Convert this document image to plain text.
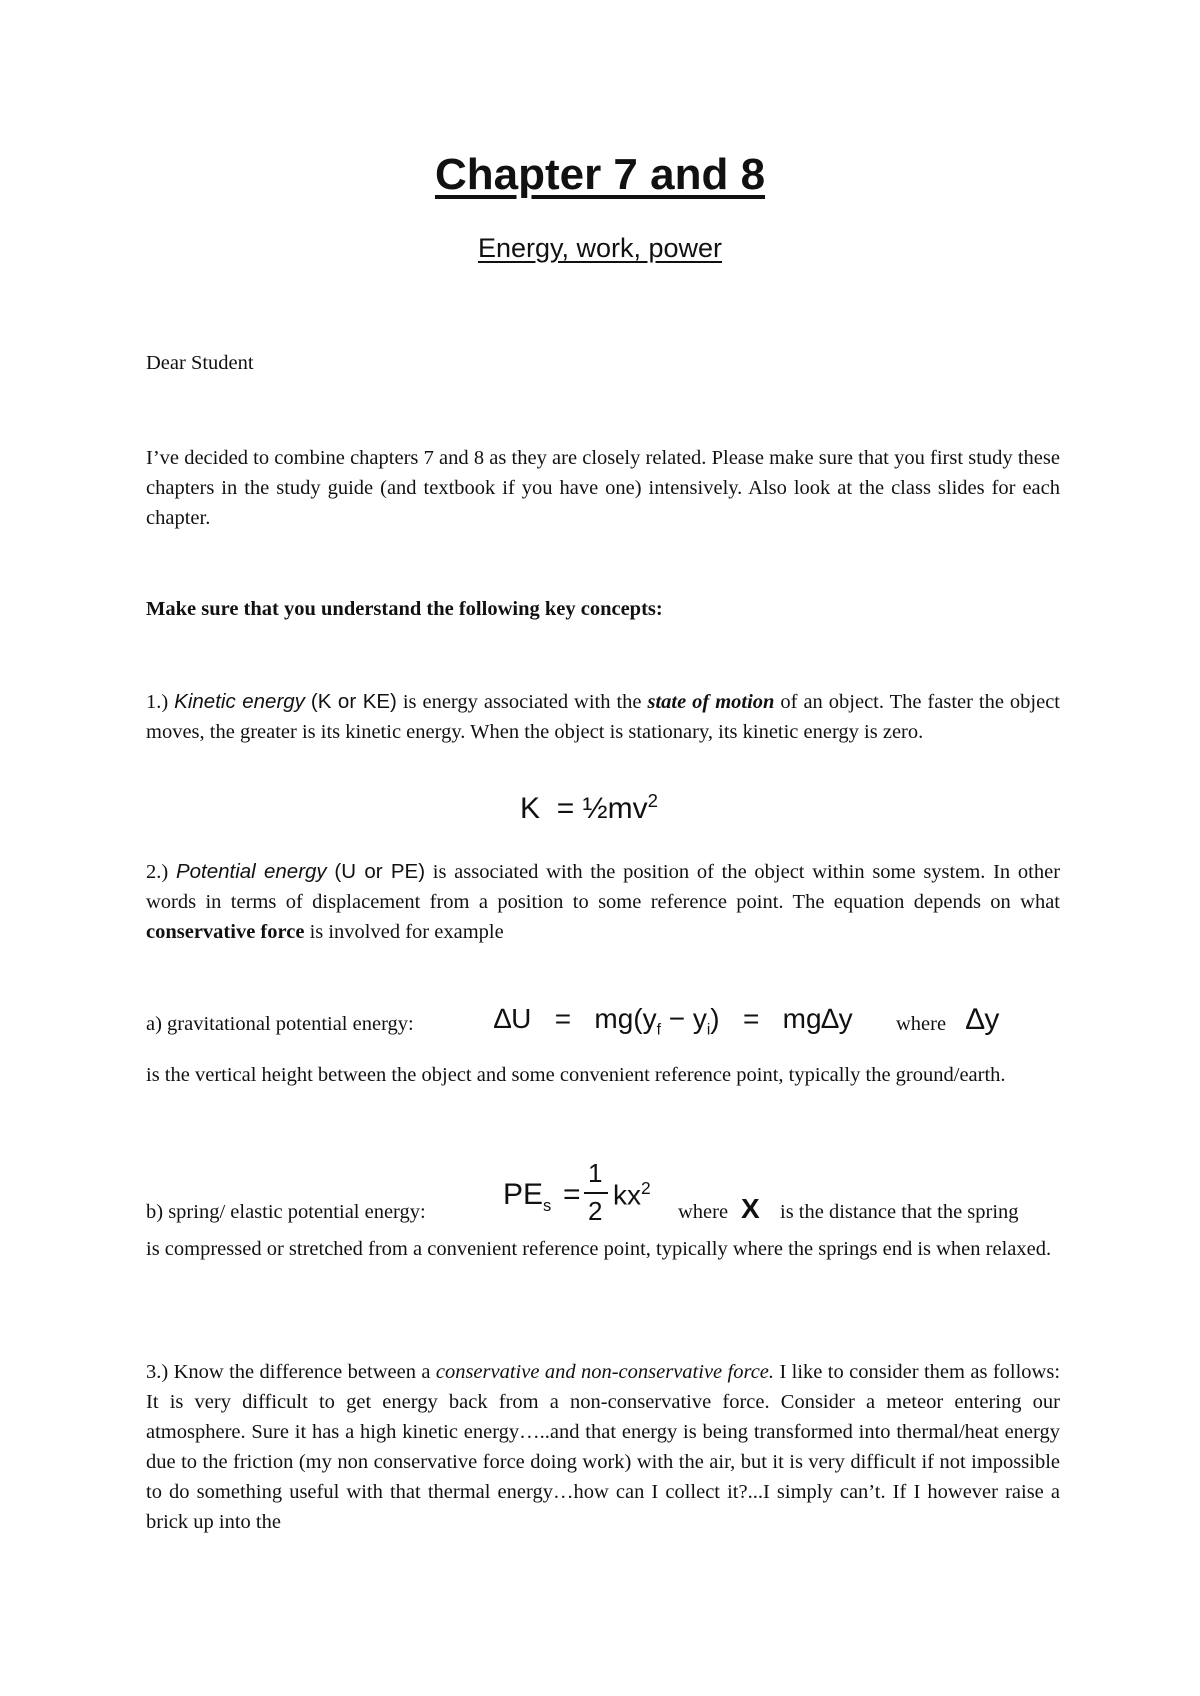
Chapter 7 and 8
Energy, work, power
Dear Student
I’ve decided to combine chapters 7 and 8 as they are closely related. Please make sure that you first study these chapters in the study guide (and textbook if you have one) intensively. Also look at the class slides for each chapter.
Make sure that you understand the following key concepts:
1.) Kinetic energy (K or KE) is energy associated with the state of motion of an object. The faster the object moves, the greater is its kinetic energy. When the object is stationary, its kinetic energy is zero.
$K = \frac{1}{2}mv^2$
2.) Potential energy (U or PE) is associated with the position of the object within some system. In other words in terms of displacement from a position to some reference point. The equation depends on what conservative force is involved for example
a) gravitational potential energy:	$\Delta U = mg(y_f - y_i) = mg\Delta y$ where ∆y
is the vertical height between the object and some convenient reference point, typically the ground/earth.
b) spring/ elastic potential energy:
$PE_s$ =
1
2
$kx^2$
where X is the distance that the spring
is compressed or stretched from a convenient reference point, typically where the springs end is when relaxed.
3.) Know the difference between a conservative and non-conservative force. I like to consider them as follows: It is very difficult to get energy back from a non-conservative force. Consider a meteor entering our atmosphere. Sure it has a high kinetic energy…..and that energy is being transformed into thermal/heat energy due to the friction (my non conservative force doing work) with the air, but it is very difficult if not impossible to do something useful with that thermal energy…how can I collect it?...I simply can’t. If I however raise a brick up into the
